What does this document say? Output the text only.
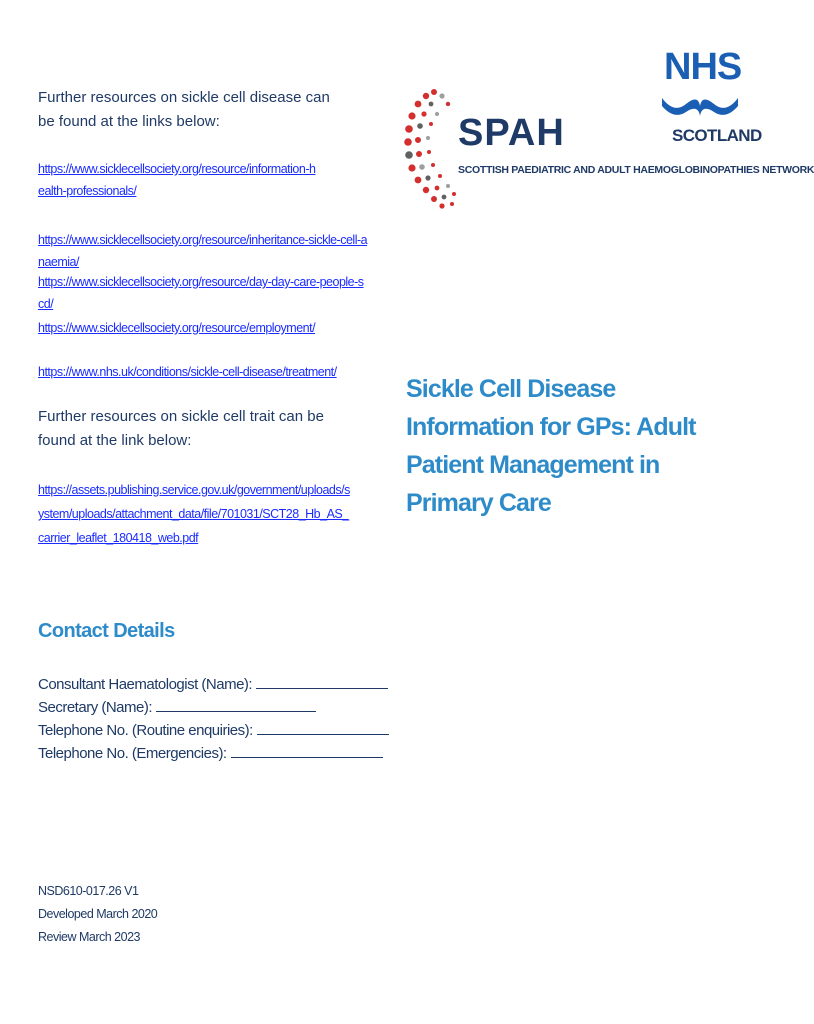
Further resources on sickle cell disease can be found at the links below:

https://www.sicklecellsociety.org/resource/information-health-professionals/
https://www.sicklecellsociety.org/resource/inheritance-sickle-cell-anaemia/
https://www.sicklecellsociety.org/resource/day-day-care-people-scd/
https://www.sicklecellsociety.org/resource/employment/
https://www.nhs.uk/conditions/sickle-cell-disease/treatment/

Further resources on sickle cell trait can be found at the link below:

https://assets.publishing.service.gov.uk/government/uploads/system/uploads/attachment_data/file/701031/SCT28_Hb_AS_carrier_leaflet_180418_web.pdf
Contact Details
Consultant Haematologist (Name):
Secretary (Name):
Telephone No. (Routine enquiries):
Telephone No. (Emergencies):
NSD610-017.26 V1
Developed March 2020
Review March 2023
SPAH
SCOTTISH PAEDIATRIC AND ADULT HAEMOGLOBINOPATHIES NETWORK
NHS
SCOTLAND
Sickle Cell Disease Information for GPs: Adult Patient Management in Primary Care
